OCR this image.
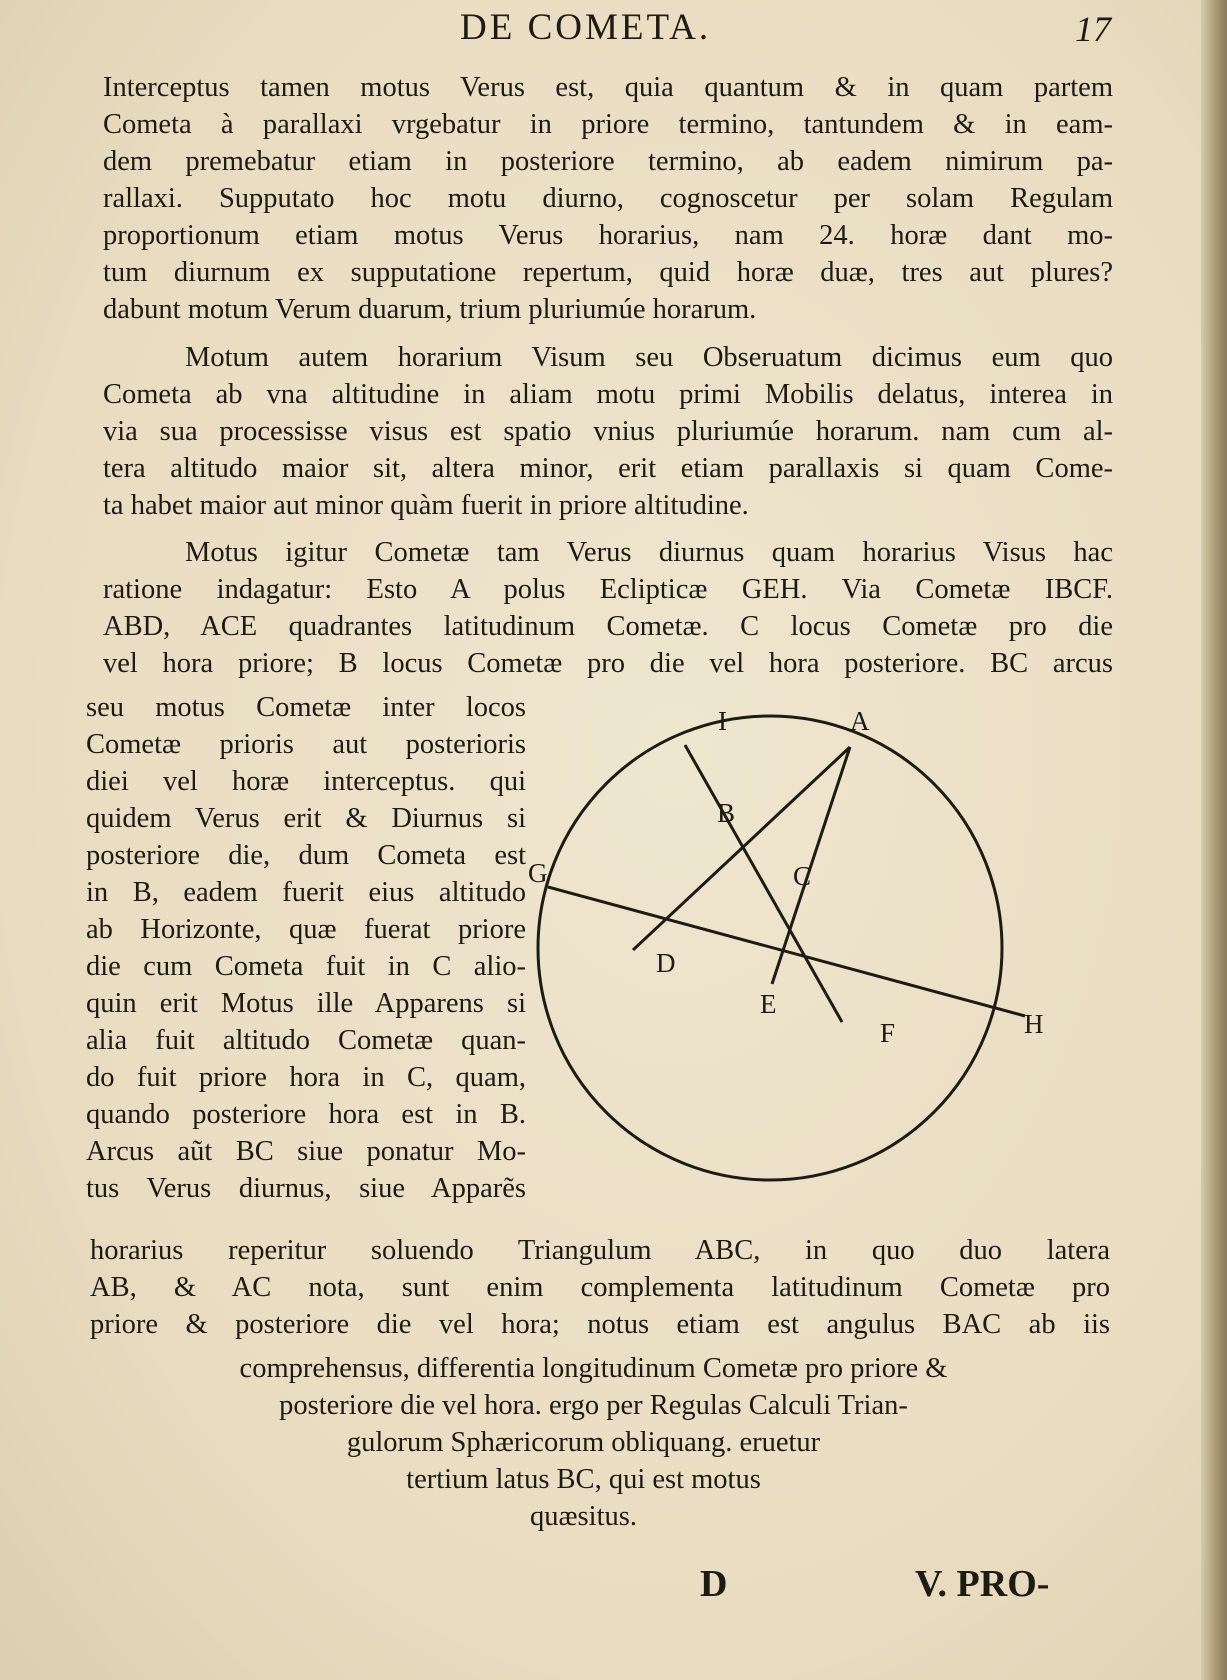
DE COMETA.	17
Interceptus tamen motus Verus est, quia quantum & in quam partem
Cometa à parallaxi vrgebatur in priore termino, tantundem & in eam-
dem premebatur etiam in posteriore termino, ab eadem nimirum pa-
rallaxi. Supputato hoc motu diurno, cognoscetur per solam Regulam
proportionum etiam motus Verus horarius, nam 24. horæ dant mo-
tum diurnum ex supputatione repertum, quid horæ duæ, tres aut plures?
dabunt motum Verum duarum, trium pluriumúe horarum.
Motum autem horarium Visum seu Obseruatum dicimus eum quo
Cometa ab vna altitudine in aliam motu primi Mobilis delatus, interea in
via sua processisse visus est spatio vnius pluriumúe horarum. nam cum al-
tera altitudo maior sit, altera minor, erit etiam parallaxis si quam Come-
ta habet maior aut minor quàm fuerit in priore altitudine.
Motus igitur Cometæ tam Verus diurnus quam horarius Visus hac
ratione indagatur: Esto A polus Eclipticæ GEH. Via Cometæ IBCF.
ABD, ACE quadrantes latitudinum Cometæ. C locus Cometæ pro die
vel hora priore; B locus Cometæ pro die vel hora posteriore. BC arcus
seu motus Cometæ inter locos
Cometæ prioris aut posterioris
diei vel horæ interceptus. qui
quidem Verus erit & Diurnus si
posteriore die, dum Cometa est
in B, eadem fuerit eius altitudo
ab Horizonte, quæ fuerat priore
die cum Cometa fuit in C alio-
quin erit Motus ille Apparens si
alia fuit altitudo Cometæ quan-
do fuit priore hora in C, quam,
quando posteriore hora est in B.
Arcus aũt BC siue ponatur Mo-
tus Verus diurnus, siue Apparẽs
I	A
B
C
G
D
E
F	H
horarius reperitur soluendo Triangulum ABC, in quo duo latera
AB, & AC nota, sunt enim complementa latitudinum Cometæ pro
priore & posteriore die vel hora; notus etiam est angulus BAC ab iis
comprehensus, differentia longitudinum Cometæ pro priore &
posteriore die vel hora. ergo per Regulas Calculi Trian-
gulorum Sphæricorum obliquang. eruetur
tertium latus BC, qui est motus
quæsitus.
D	V. PRO-
